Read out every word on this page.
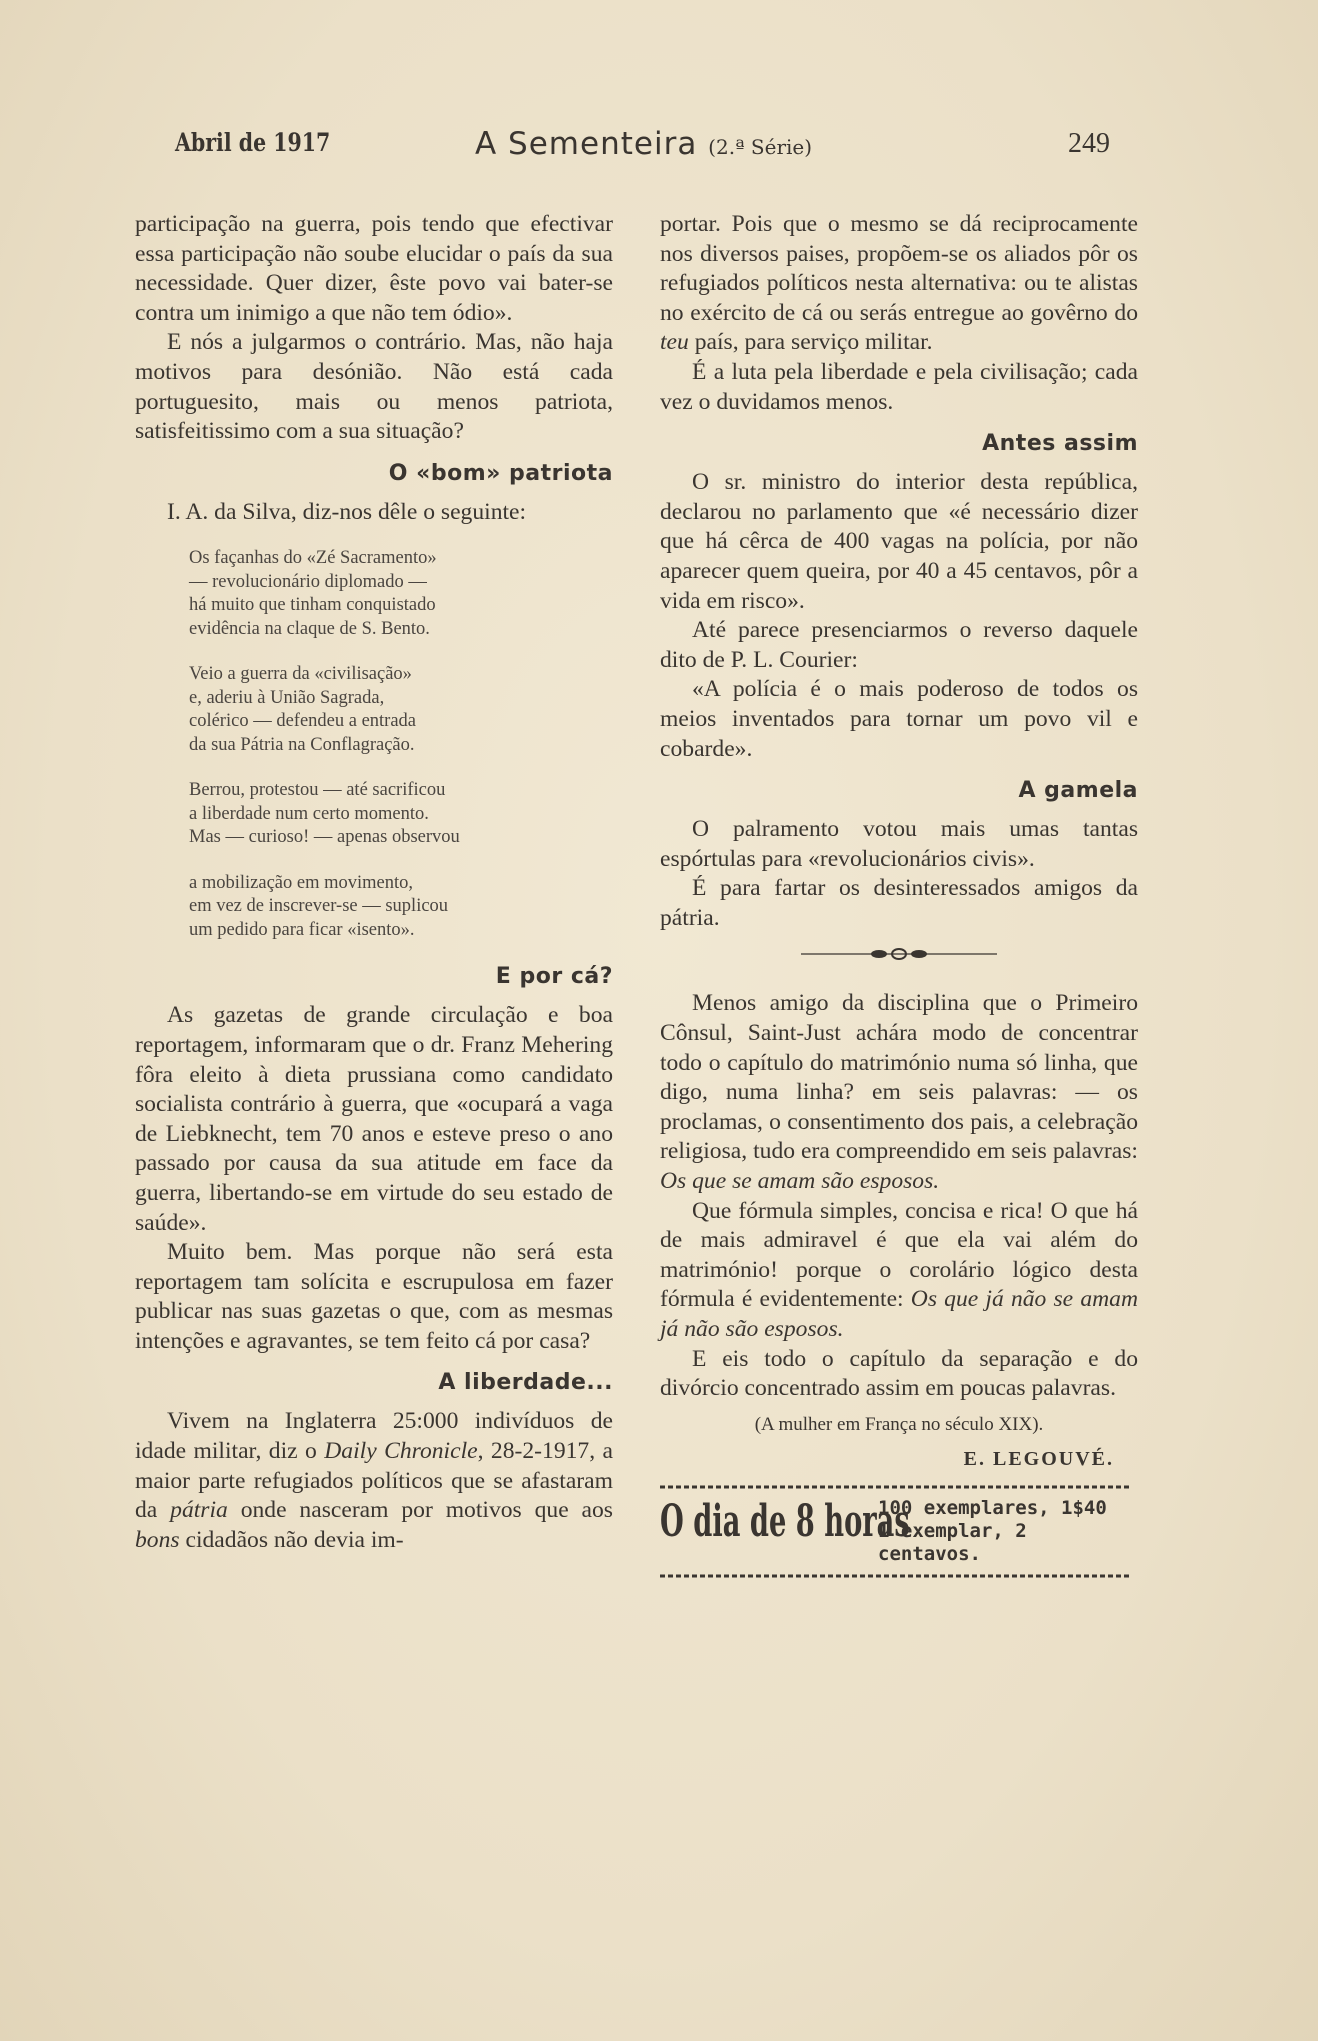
Abril de 1917	A Sementeira (2.ª Série)	249

participação na guerra, pois tendo que efectivar essa participação não soube elucidar o país da sua necessidade. Quer dizer, êste povo vai bater-se contra um inimigo a que não tem ódio».

E nós a julgarmos o contrário. Mas, não haja motivos para desónião. Não está cada portuguesito, mais ou menos patriota, satisfeitissimo com a sua situação?

O «bom» patriota

I. A. da Silva, diz-nos dêle o seguinte:

Os façanhas do «Zé Sacramento»
— revolucionário diplomado —
há muito que tinham conquistado
evidência na claque de S. Bento.
Veio a guerra da «civilisação»
e, aderiu à União Sagrada,
colérico — defendeu a entrada
da sua Pátria na Conflagração.
Berrou, protestou — até sacrificou
a liberdade num certo momento.
Mas — curioso! — apenas observou
a mobilização em movimento,
em vez de inscrever-se — suplicou
um pedido para ficar «isento».
E por cá?

As gazetas de grande circulação e boa reportagem, informaram que o dr. Franz Mehering fôra eleito à dieta prussiana como candidato socialista contrário à guerra, que «ocupará a vaga de Liebknecht, tem 70 anos e esteve preso o ano passado por causa da sua atitude em face da guerra, libertando-se em virtude do seu estado de saúde».

Muito bem. Mas porque não será esta reportagem tam solícita e escrupulosa em fazer publicar nas suas gazetas o que, com as mesmas intenções e agravantes, se tem feito cá por casa?

A liberdade...

Vivem na Inglaterra 25:000 indivíduos de idade militar, diz o Daily Chronicle, 28-2-1917, a maior parte refugiados políticos que se afastaram da pátria onde nasceram por motivos que aos bons cidadãos não devia im-

portar. Pois que o mesmo se dá reciprocamente nos diversos paises, propõem-se os aliados pôr os refugiados políticos nesta alternativa: ou te alistas no exército de cá ou serás entregue ao govêrno do teu país, para serviço militar.

É a luta pela liberdade e pela civilisação; cada vez o duvidamos menos.

Antes assim

O sr. ministro do interior desta república, declarou no parlamento que «é necessário dizer que há cêrca de 400 vagas na polícia, por não aparecer quem queira, por 40 a 45 centavos, pôr a vida em risco».

Até parece presenciarmos o reverso daquele dito de P. L. Courier:

«A polícia é o mais poderoso de todos os meios inventados para tornar um povo vil e cobarde».

A gamela

O palramento votou mais umas tantas espórtulas para «revolucionários civis».

É para fartar os desinteressados amigos da pátria.

Menos amigo da disciplina que o Primeiro Cônsul, Saint-Just achára modo de concentrar todo o capítulo do matrimónio numa só linha, que digo, numa linha? em seis palavras: — os proclamas, o consentimento dos pais, a celebração religiosa, tudo era compreendido em seis palavras: Os que se amam são esposos.

Que fórmula simples, concisa e rica! O que há de mais admiravel é que ela vai além do matrimónio! porque o corolário lógico desta fórmula é evidentemente: Os que já não se amam já não são esposos.

E eis todo o capítulo da separação e do divórcio concentrado assim em poucas palavras.

(A mulher em França no século XIX).
E. LEGOUVÉ.
O dia de 8 horas
100 exemplares, 1$40 1 exemplar, 2 centavos.
